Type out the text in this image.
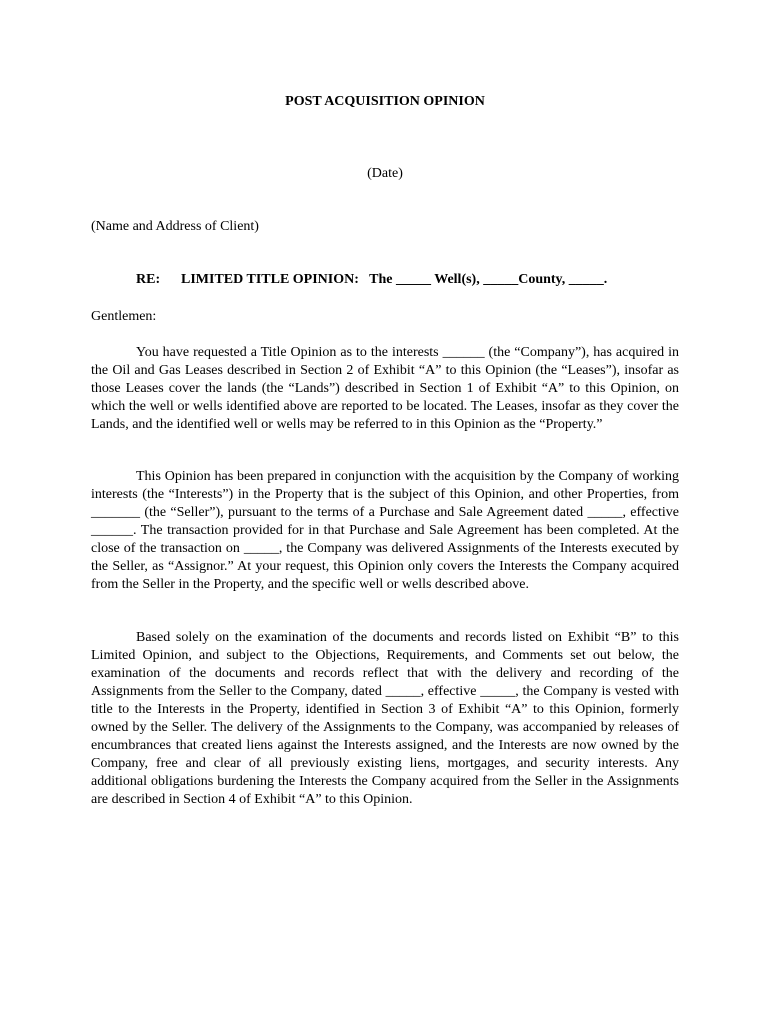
POST ACQUISITION OPINION
(Date)
(Name and Address of Client)
RE: LIMITED TITLE OPINION:   The _____ Well(s), _____County, _____.
Gentlemen:

You have requested a Title Opinion as to the interests ______ (the “Company”), has acquired in the Oil and Gas Leases described in Section 2 of Exhibit “A” to this Opinion (the “Leases”), insofar as those Leases cover the lands (the “Lands”) described in Section 1 of Exhibit “A” to this Opinion, on which the well or wells identified above are reported to be located. The Leases, insofar as they cover the Lands, and the identified well or wells may be referred to in this Opinion as the “Property.”

This Opinion has been prepared in conjunction with the acquisition by the Company of working interests (the “Interests”) in the Property that is the subject of this Opinion, and other Properties, from _______ (the “Seller”), pursuant to the terms of a Purchase and Sale Agreement dated _____, effective ______. The transaction provided for in that Purchase and Sale Agreement has been completed. At the close of the transaction on _____, the Company was delivered Assignments of the Interests executed by the Seller, as “Assignor.” At your request, this Opinion only covers the Interests the Company acquired from the Seller in the Property, and the specific well or wells described above.

Based solely on the examination of the documents and records listed on Exhibit “B” to this Limited Opinion, and subject to the Objections, Requirements, and Comments set out below, the examination of the documents and records reflect that with the delivery and recording of the Assignments from the Seller to the Company, dated _____, effective _____, the Company is vested with title to the Interests in the Property, identified in Section 3 of Exhibit “A” to this Opinion, formerly owned by the Seller. The delivery of the Assignments to the Company, was accompanied by releases of encumbrances that created liens against the Interests assigned, and the Interests are now owned by the Company, free and clear of all previously existing liens, mortgages, and security interests. Any additional obligations burdening the Interests the Company acquired from the Seller in the Assignments are described in Section 4 of Exhibit “A” to this Opinion.
